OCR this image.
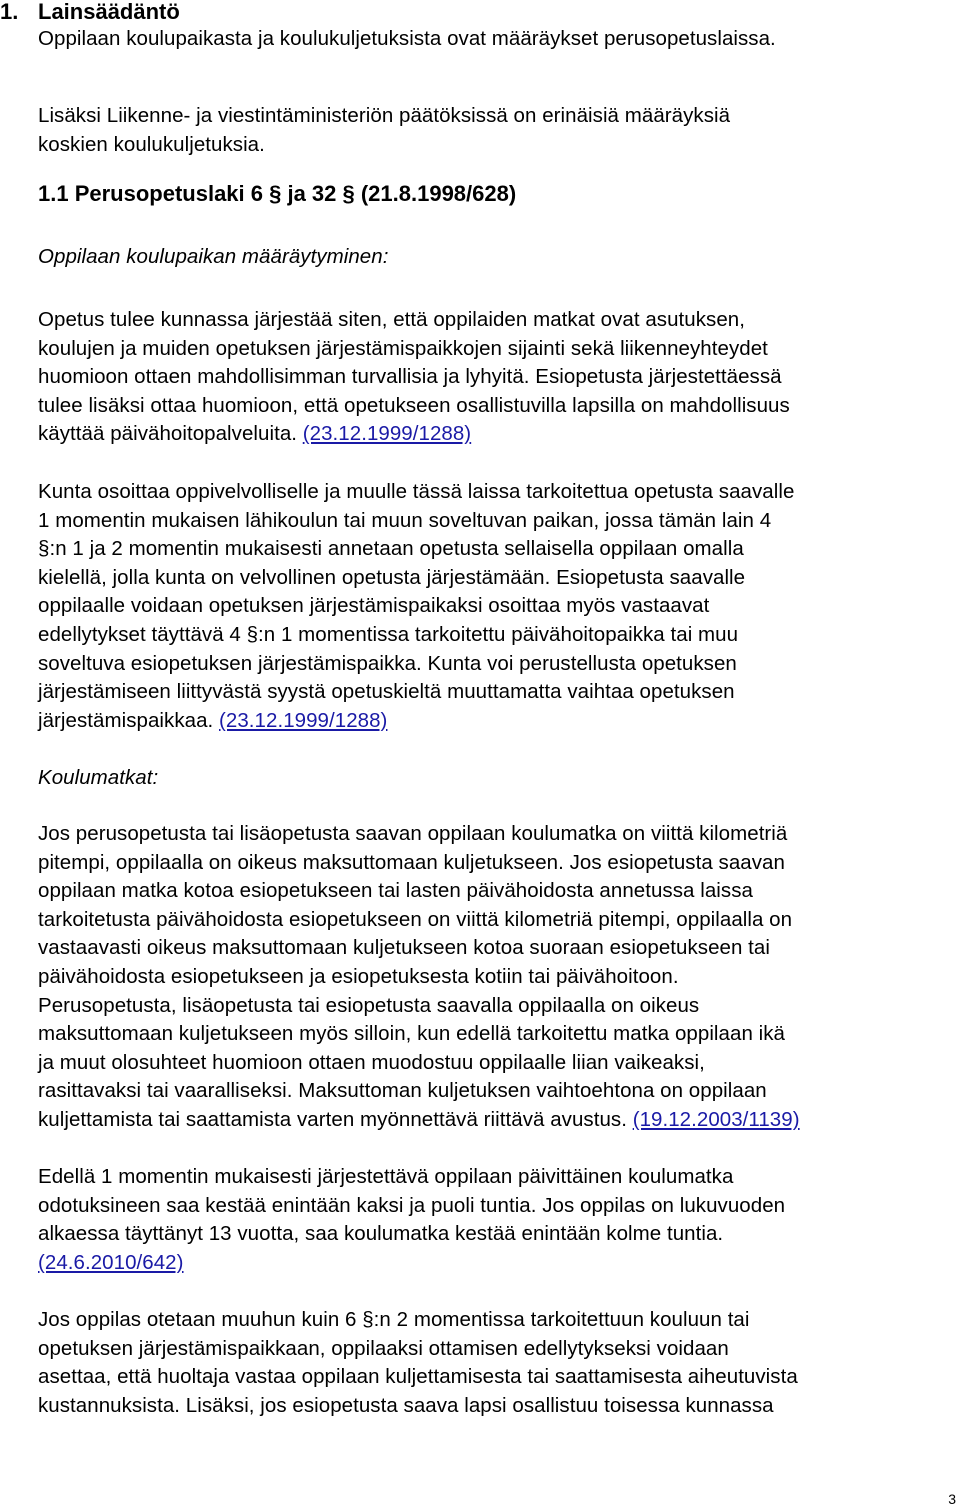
1. Lainsäädäntö

Oppilaan koulupaikasta ja koulukuljetuksista ovat määräykset perusopetuslaissa.

Lisäksi Liikenne- ja viestintäministeriön päätöksissä on erinäisiä määräyksiä
koskien koulukuljetuksia.

1.1 Perusopetuslaki 6 § ja 32 § (21.8.1998/628)

Oppilaan koulupaikan määräytyminen:

Opetus tulee kunnassa järjestää siten, että oppilaiden matkat ovat asutuksen,
koulujen ja muiden opetuksen järjestämispaikkojen sijainti sekä liikenneyhteydet
huomioon ottaen mahdollisimman turvallisia ja lyhyitä. Esiopetusta järjestettäessä
tulee lisäksi ottaa huomioon, että opetukseen osallistuvilla lapsilla on mahdollisuus
käyttää päivähoitopalveluita. (23.12.1999/1288)

Kunta osoittaa oppivelvolliselle ja muulle tässä laissa tarkoitettua opetusta saavalle
1 momentin mukaisen lähikoulun tai muun soveltuvan paikan, jossa tämän lain 4
§:n 1 ja 2 momentin mukaisesti annetaan opetusta sellaisella oppilaan omalla
kielellä, jolla kunta on velvollinen opetusta järjestämään. Esiopetusta saavalle
oppilaalle voidaan opetuksen järjestämispaikaksi osoittaa myös vastaavat
edellytykset täyttävä 4 §:n 1 momentissa tarkoitettu päivähoitopaikka tai muu
soveltuva esiopetuksen järjestämispaikka. Kunta voi perustellusta opetuksen
järjestämiseen liittyvästä syystä opetuskieltä muuttamatta vaihtaa opetuksen
järjestämispaikkaa. (23.12.1999/1288)

Koulumatkat:

Jos perusopetusta tai lisäopetusta saavan oppilaan koulumatka on viittä kilometriä
pitempi, oppilaalla on oikeus maksuttomaan kuljetukseen. Jos esiopetusta saavan
oppilaan matka kotoa esiopetukseen tai lasten päivähoidosta annetussa laissa
tarkoitetusta päivähoidosta esiopetukseen on viittä kilometriä pitempi, oppilaalla on
vastaavasti oikeus maksuttomaan kuljetukseen kotoa suoraan esiopetukseen tai
päivähoidosta esiopetukseen ja esiopetuksesta kotiin tai päivähoitoon.
Perusopetusta, lisäopetusta tai esiopetusta saavalla oppilaalla on oikeus
maksuttomaan kuljetukseen myös silloin, kun edellä tarkoitettu matka oppilaan ikä
ja muut olosuhteet huomioon ottaen muodostuu oppilaalle liian vaikeaksi,
rasittavaksi tai vaaralliseksi. Maksuttoman kuljetuksen vaihtoehtona on oppilaan
kuljettamista tai saattamista varten myönnettävä riittävä avustus. (19.12.2003/1139)

Edellä 1 momentin mukaisesti järjestettävä oppilaan päivittäinen koulumatka
odotuksineen saa kestää enintään kaksi ja puoli tuntia. Jos oppilas on lukuvuoden
alkaessa täyttänyt 13 vuotta, saa koulumatka kestää enintään kolme tuntia.
(24.6.2010/642)

Jos oppilas otetaan muuhun kuin 6 §:n 2 momentissa tarkoitettuun kouluun tai
opetuksen järjestämispaikkaan, oppilaaksi ottamisen edellytykseksi voidaan
asettaa, että huoltaja vastaa oppilaan kuljettamisesta tai saattamisesta aiheutuvista
kustannuksista. Lisäksi, jos esiopetusta saava lapsi osallistuu toisessa kunnassa

3
